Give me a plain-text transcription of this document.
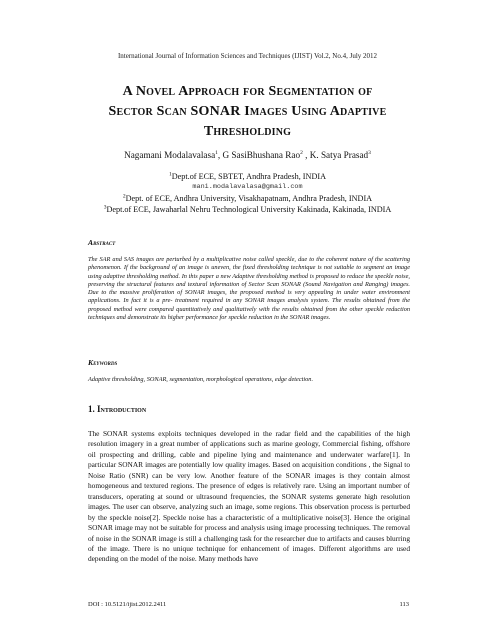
International Journal of Information Sciences and Techniques (IJIST) Vol.2, No.4, July 2012
A Novel Approach for Segmentation of
Sector Scan SONAR Images Using Adaptive
Thresholding
Nagamani Modalavalasa$^1$, G SasiBhushana Rao$^2$ , K. Satya Prasad$^3$
$^1$Dept.of ECE, SBTET, Andhra Pradesh, INDIA
mani.modalavalasa@gmail.com
$^2$Dept. of ECE, Andhra University, Visakhapatnam, Andhra Pradesh, INDIA
$^3$Dept.of ECE, Jawaharlal Nehru Technological University Kakinada, Kakinada, INDIA
Abstract
The SAR and SAS images are perturbed by a multiplicative noise called speckle, due to the coherent nature of the scattering phenomenon. If the background of an image is uneven, the fixed thresholding technique is not suitable to segment an image using adaptive thresholding method. In this paper a new Adaptive thresholding method is proposed to reduce the speckle noise, preserving the structural features and textural information of Sector Scan SONAR (Sound Navigation and Ranging) images. Due to the massive proliferation of SONAR images, the proposed method is very appealing in under water environment applications. In fact it is a pre- treatment required in any SONAR images analysis system. The results obtained from the proposed method were compared quantitatively and qualitatively with the results obtained from the other speckle reduction techniques and demonstrate its higher performance for speckle reduction in the SONAR images.
Keywords
Adaptive thresholding, SONAR, segmentation, morphological operations, edge detection.
1. Introduction
The SONAR systems exploits techniques developed in the radar field and the capabilities of the high resolution imagery in a great number of applications such as marine geology, Commercial fishing, offshore oil prospecting and drilling, cable and pipeline lying and maintenance and underwater warfare[1]. In particular SONAR images are potentially low quality images. Based on acquisition conditions , the Signal to Noise Ratio (SNR) can be very low. Another feature of the SONAR images is they contain almost homogeneous and textured regions. The presence of edges is relatively rare. Using an important number of transducers, operating at sound or ultrasound frequencies, the SONAR systems generate high resolution images. The user can observe, analyzing such an image, some regions. This observation process is perturbed by the speckle noise[2]. Speckle noise has a characteristic of a multiplicative noise[3]. Hence the original SONAR image may not be suitable for process and analysis using image processing techniques. The removal of noise in the SONAR image is still a challenging task for the researcher due to artifacts and causes blurring of the image. There is no unique technique for enhancement of images. Different algorithms are used depending on the model of the noise. Many methods have
DOI : 10.5121/ijist.2012.2411	113
